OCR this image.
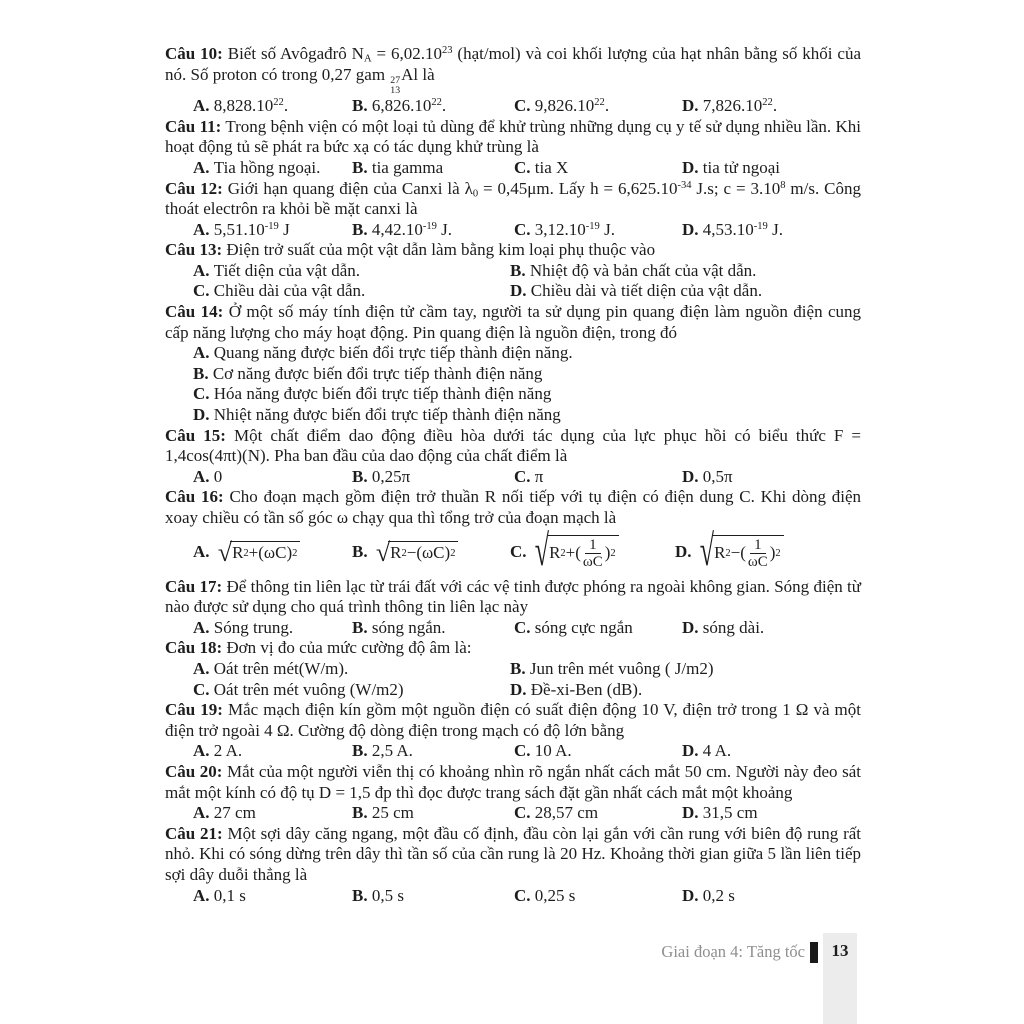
Câu 10: Biết số Avôgađrô $N_A = 6,02.10^{23}$ (hạt/mol) và coi khối lượng của hạt nhân bằng số khối của nó. Số proton có trong 0,27 gam 27
13
Al là

A. 8,828.10$^{22}$.	B. 6,826.10$^{22}$.	C. 9,826.10$^{22}$.	D. 7,826.10$^{22}$.

Câu 11: Trong bệnh viện có một loại tủ dùng để khử trùng những dụng cụ y tế sử dụng nhiều lần. Khi hoạt động tủ sẽ phát ra bức xạ có tác dụng khử trùng là

A. Tia hồng ngoại. B. tia gamma	C. tia X	D. tia tử ngoại

Câu 12: Giới hạn quang điện của Canxi là $\lambda_0 = 0,45\mu m$. Lấy $h = 6,625.10^{-34}$ J.s; $c = 3.10^8$ m/s. Công thoát electrôn ra khỏi bề mặt canxi là

A. $5,51.10^{-19}$ J	B. $4,42.10^{-19}$ J.	C. $3,12.10^{-19}$ J.	D. $4,53.10^{-19}$ J.

Câu 13: Điện trở suất của một vật dẫn làm bằng kim loại phụ thuộc vào

A. Tiết diện của vật dẫn.	B. Nhiệt độ và bản chất của vật dẫn.
C. Chiều dài của vật dẫn.	D. Chiều dài và tiết diện của vật dẫn.

Câu 14: Ở một số máy tính điện tử cầm tay, người ta sử dụng pin quang điện làm nguồn điện cung cấp năng lượng cho máy hoạt động. Pin quang điện là nguồn điện, trong đó

A. Quang năng được biến đổi trực tiếp thành điện năng.
B. Cơ năng được biến đổi trực tiếp thành điện năng
C. Hóa năng được biến đổi trực tiếp thành điện năng
D. Nhiệt năng được biến đổi trực tiếp thành điện năng

Câu 15: Một chất điểm dao động điều hòa dưới tác dụng của lực phục hồi có biểu thức F = 1,4cos(4πt)(N). Pha ban đầu của dao động của chất điểm là

A. 0	B. 0,25π	C. π	D. 0,5π

Câu 16: Cho đoạn mạch gồm điện trở thuần R nối tiếp với tụ điện có điện dung C. Khi dòng điện xoay chiều có tần số góc ω chạy qua thì tổng trở của đoạn mạch là

A.
√ R 2 +(ωC) 2	B.
√ R 2 −(ωC) 2	C.
√ R 2 +( $\frac{1}{\omega C}$ ) 2	D.
√ R 2 −( $\frac{1}{\omega C}$ ) 2

Câu 17: Để thông tin liên lạc từ trái đất với các vệ tinh được phóng ra ngoài không gian. Sóng điện từ nào được sử dụng cho quá trình thông tin liên lạc này

A. Sóng trung.	B. sóng ngắn.	C. sóng cực ngắn	D. sóng dài.

Câu 18: Đơn vị đo của mức cường độ âm là:

A. Oát trên mét(W/m).	B. Jun trên mét vuông ( J/m2)
C. Oát trên mét vuông (W/m2)	D. Đề-xi-Ben (dB).

Câu 19: Mắc mạch điện kín gồm một nguồn điện có suất điện động 10 V, điện trở trong 1 Ω và một điện trở ngoài 4 Ω. Cường độ dòng điện trong mạch có độ lớn bằng

A. 2 A.	B. 2,5 A.	C. 10 A.	D. 4 A.

Câu 20: Mắt của một người viễn thị có khoảng nhìn rõ ngắn nhất cách mắt 50 cm. Người này đeo sát mắt một kính có độ tụ D = 1,5 đp thì đọc được trang sách đặt gần nhất cách mắt một khoảng

A. 27 cm	B. 25 cm	C. 28,57 cm	D. 31,5 cm

Câu 21: Một sợi dây căng ngang, một đầu cố định, đầu còn lại gắn với cần rung với biên độ rung rất nhỏ. Khi có sóng dừng trên dây thì tần số của cần rung là 20 Hz. Khoảng thời gian giữa 5 lần liên tiếp sợi dây duỗi thẳng là

A. 0,1 s	B. 0,5 s	C. 0,25 s	D. 0,2 s
Giai đoạn 4: Tăng tốc	13
